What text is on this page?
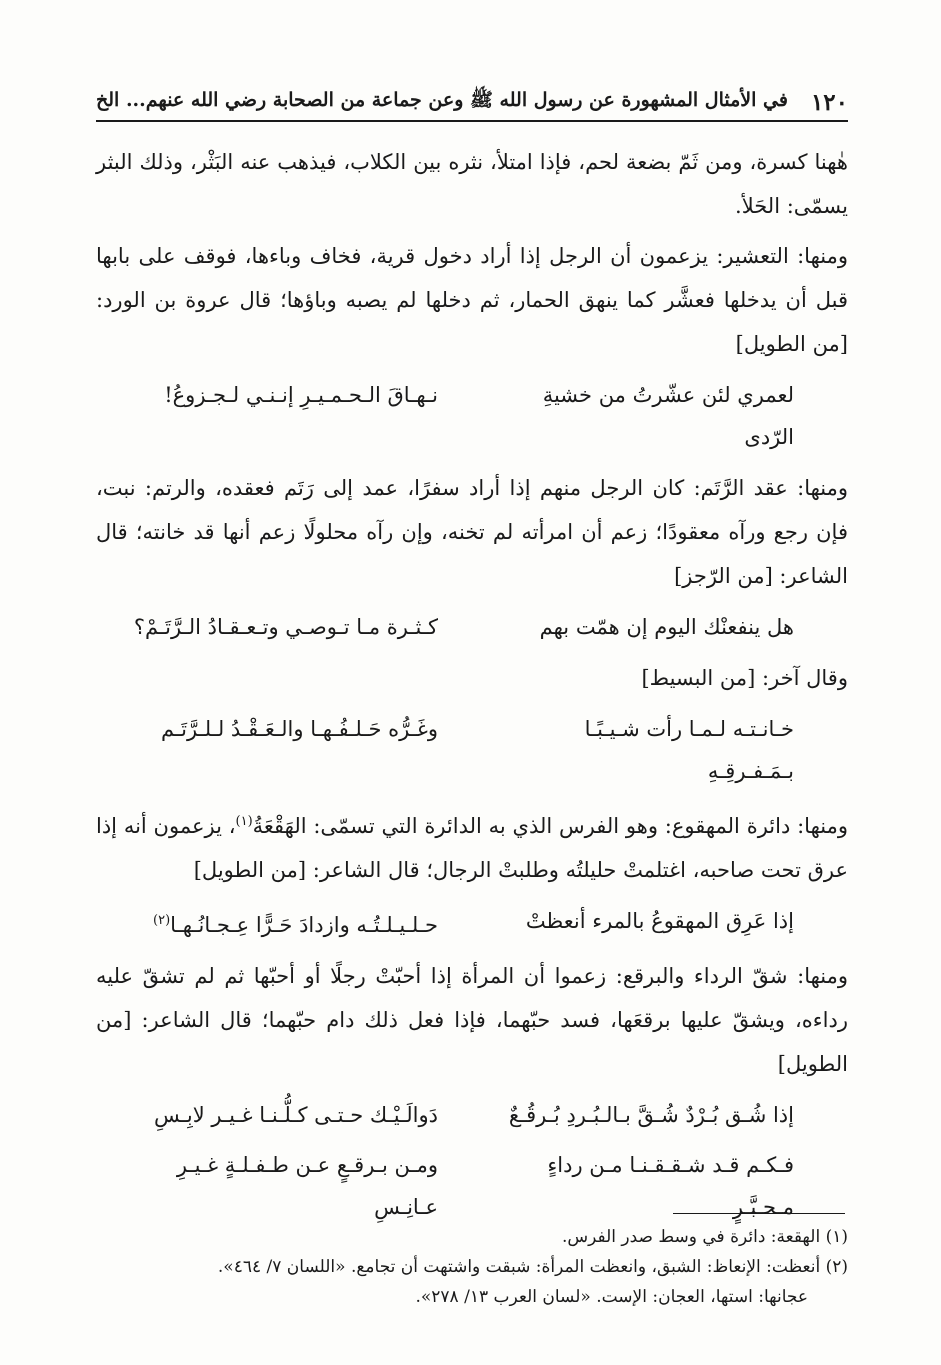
١٢٠
في الأمثال المشهورة عن رسول الله ﷺ وعن جماعة من الصحابة رضي الله عنهم... الخ

هٰهنا كسرة، ومن ثَمّ بضعة لحم، فإذا امتلأ، نثره بين الكلاب، فيذهب عنه البَثْر، وذلك البثر يسمّى: الحَلأ.

ومنها: التعشير: يزعمون أن الرجل إذا أراد دخول قرية، فخاف وباءها، فوقف على بابها قبل أن يدخلها فعشَّر كما ينهق الحمار، ثم دخلها لم يصبه وباؤها؛ قال عروة بن الورد: [من الطويل]

لعمري لئن عشّرتُ من خشيةِ الرّدى
نـهـاقَ الـحـمـيـرِ إنـنـي لـجـزوعُ!

ومنها: عقد الرَّتَم: كان الرجل منهم إذا أراد سفرًا، عمد إلى رَتَم فعقده، والرتم: نبت، فإن رجع ورآه معقودًا؛ زعم أن امرأته لم تخنه، وإن رآه محلولًا زعم أنها قد خانته؛ قال الشاعر: [من الرّجز]

هل ينفعنْك اليوم إن همّت بهم
كـثـرة مـا تـوصـي وتـعـقـادُ الـرَّتَـمْ؟

وقال آخر: [من البسيط]

خـانـتـه لـمـا رأت شـيـبًـا بـمَـفـرقِـهِ
وغَـرُّه حَـلـفُـهـا والـعَـقْـدُ لـلـرَّتَـم

ومنها: دائرة المهقوع: وهو الفرس الذي به الدائرة التي تسمّى: الهَقْعَةُ$^{(١)}$، يزعمون أنه إذا عرق تحت صاحبه، اغتلمتْ حليلتُه وطلبتْ الرجال؛ قال الشاعر: [من الطويل]

إذا عَرِق المهقوعُ بالمرء أنعظتْ
حـلـيـلـتُـه وازدادَ حَـرًّا عِـجـانُـهـا$^{(٢)}$

ومنها: شقّ الرداء والبرقع: زعموا أن المرأة إذا أحبّتْ رجلًا أو أحبّها ثم لم تشقّ عليه رداءه، ويشقّ عليها برقعَها، فسد حبّهما، فإذا فعل ذلك دام حبّهما؛ قال الشاعر: [من الطويل]

إذا شُـق بُـرْدٌ شُـقَّ بـالـبُـردِ بُـرقُـعٌ
دَوالَـيْـك حـتـى كـلُّـنـا غـيـر لابِـسِ
فـكـم قـد شـقـقـنـا مـن رداءٍ مـحـبَّـرٍ
ومـن بـرقـعٍ عـن طـفـلـةٍ غـيـرِ عـانِـسِ

(١) الهقعة: دائرة في وسط صدر الفرس.

(٢) أنعظت: الإنعاظ: الشبق، وانعظت المرأة: شبقت واشتهت أن تجامع. «اللسان ٧/ ٤٦٤».

عجانها: استها، العجان: الإست. «لسان العرب ١٣/ ٢٧٨».
